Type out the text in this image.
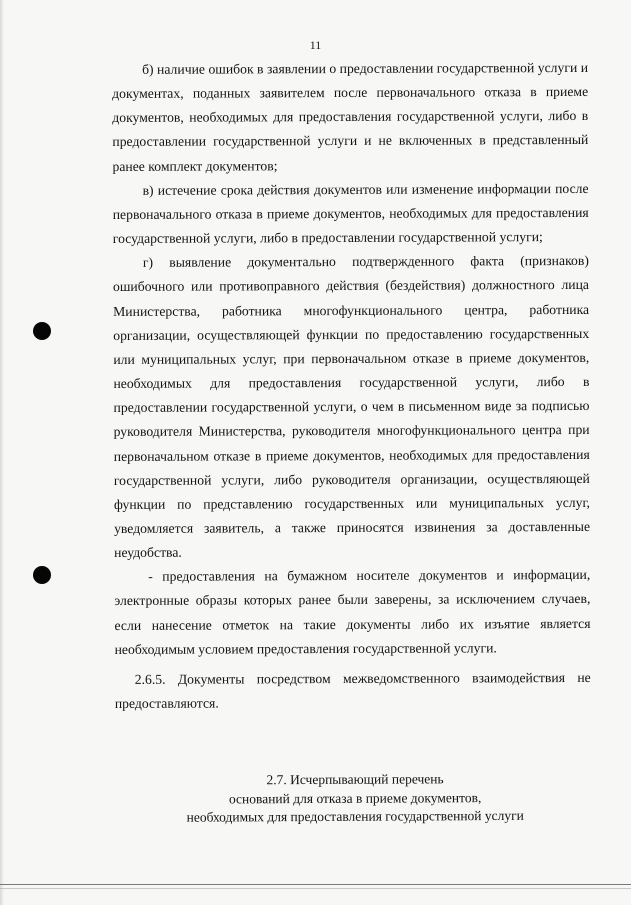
11

б) наличие ошибок в заявлении о предоставлении государственной услуги и документах, поданных заявителем после первоначального отказа в приеме документов, необходимых для предоставления государственной услуги, либо в предоставлении государственной услуги и не включенных в представленный ранее комплект документов;

в) истечение срока действия документов или изменение информации после первоначального отказа в приеме документов, необходимых для предоставления государственной услуги, либо в предоставлении государственной услуги;

г) выявление документально подтвержденного факта (признаков) ошибочного или противоправного действия (бездействия) должностного лица Министерства, работника многофункционального центра, работника организации, осуществляющей функции по предоставлению государственных или муниципальных услуг, при первоначальном отказе в приеме документов, необходимых для предоставления государственной услуги, либо в предоставлении государственной услуги, о чем в письменном виде за подписью руководителя Министерства, руководителя многофункционального центра при первоначальном отказе в приеме документов, необходимых для предоставления государственной услуги, либо руководителя организации, осуществляющей функции по представлению государственных или муниципальных услуг, уведомляется заявитель, а также приносятся извинения за доставленные неудобства.

- предоставления на бумажном носителе документов и информации, электронные образы которых ранее были заверены, за исключением случаев, если нанесение отметок на такие документы либо их изъятие является необходимым условием предоставления государственной услуги.

2.6.5. Документы посредством межведомственного взаимодействия не предоставляются.

2.7. Исчерпывающий перечень
оснований для отказа в приеме документов,
необходимых для предоставления государственной услуги
